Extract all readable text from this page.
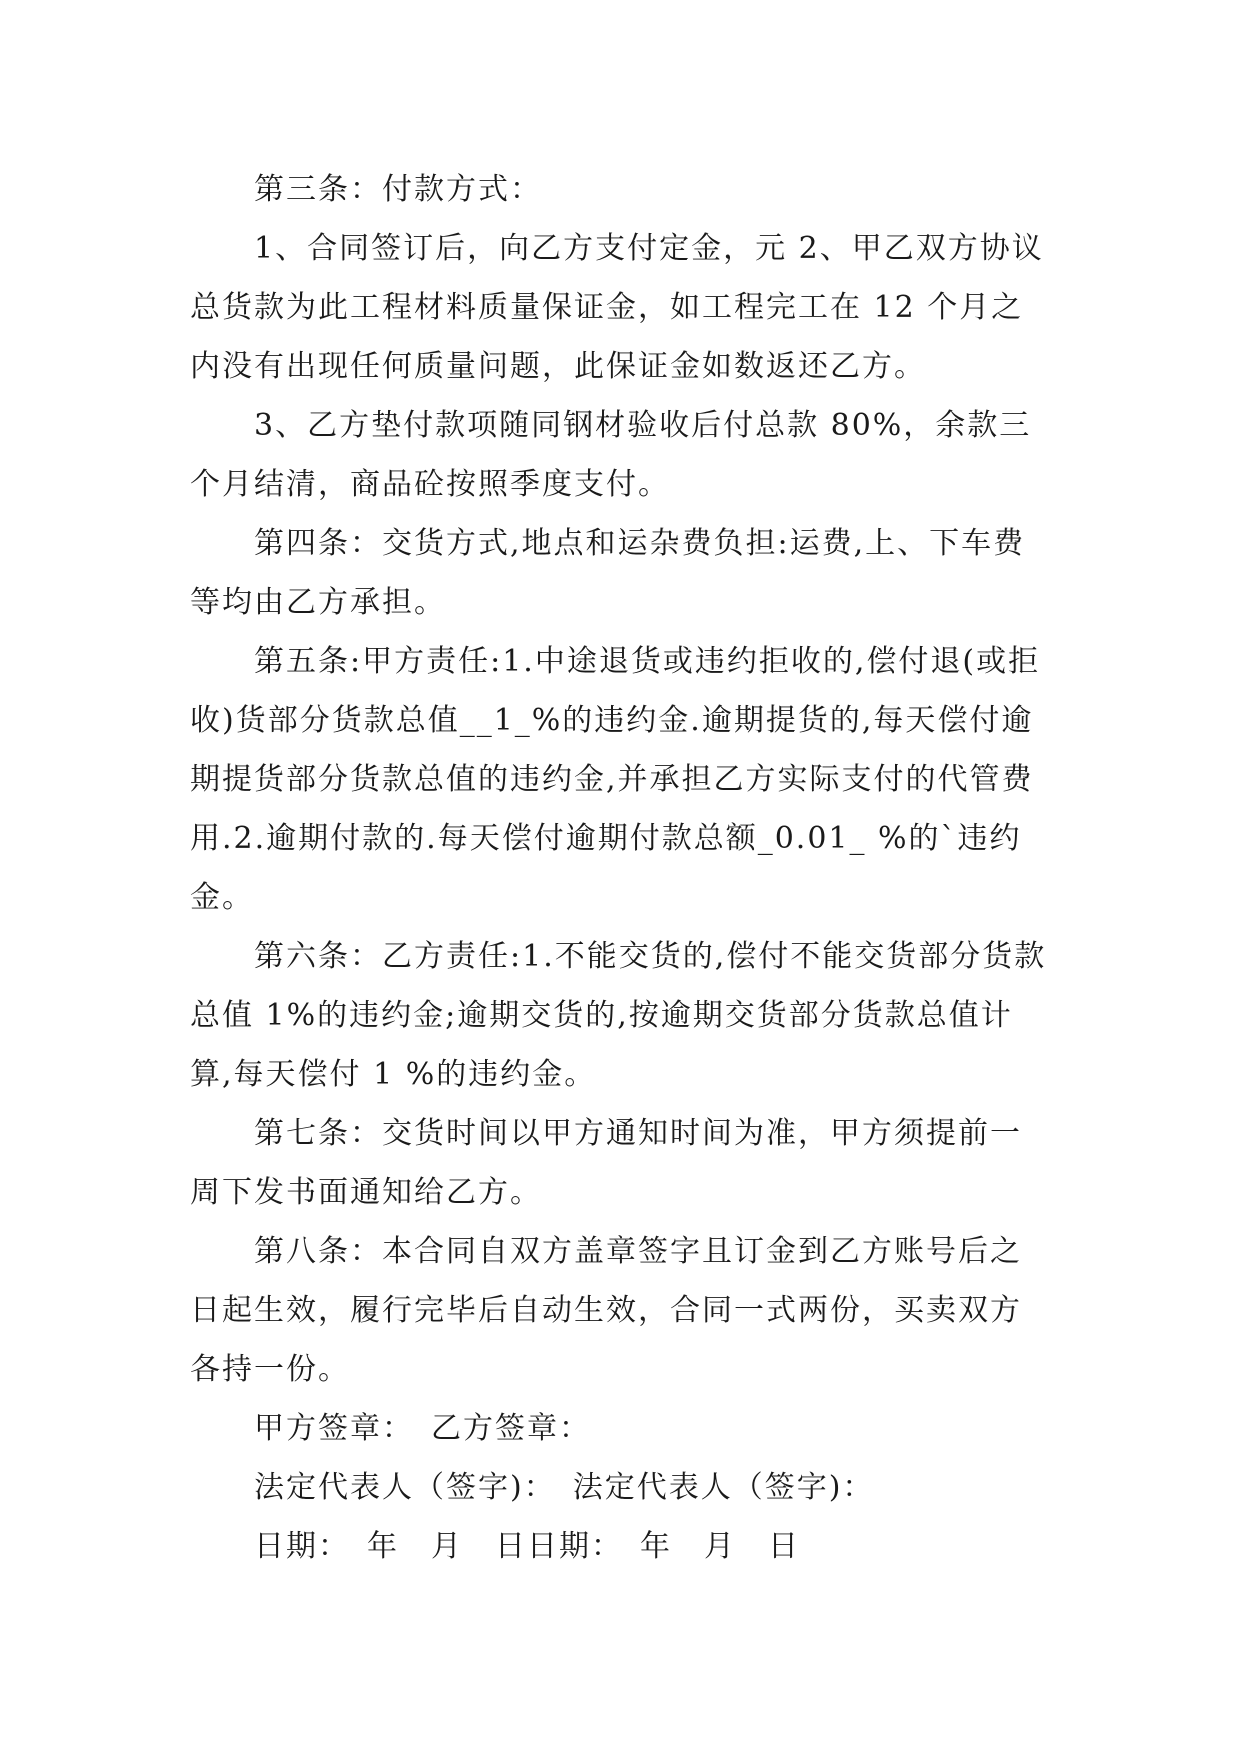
第三条：付款方式：

1、合同签订后，向乙方支付定金，元 2、甲乙双方协议总货款为此工程材料质量保证金，如工程完工在 12 个月之内没有出现任何质量问题，此保证金如数返还乙方。

3、乙方垫付款项随同钢材验收后付总款 80%，余款三个月结清，商品砼按照季度支付。

第四条：交货方式,地点和运杂费负担:运费,上、下车费等均由乙方承担。

第五条:甲方责任:1.中途退货或违约拒收的,偿付退(或拒收)货部分货款总值__1_%的违约金.逾期提货的,每天偿付逾期提货部分货款总值的违约金,并承担乙方实际支付的代管费用.2.逾期付款的.每天偿付逾期付款总额_0.01_ %的`违约金。

第六条：乙方责任:1.不能交货的,偿付不能交货部分货款总值 1%的违约金;逾期交货的,按逾期交货部分货款总值计算,每天偿付 1 %的违约金。

第七条：交货时间以甲方通知时间为准，甲方须提前一周下发书面通知给乙方。

第八条：本合同自双方盖章签字且订金到乙方账号后之日起生效，履行完毕后自动生效，合同一式两份，买卖双方各持一份。

甲方签章：　乙方签章：

法定代表人（签字)：　法定代表人（签字)：

日期：　年　月　日日期：　年　月　日
